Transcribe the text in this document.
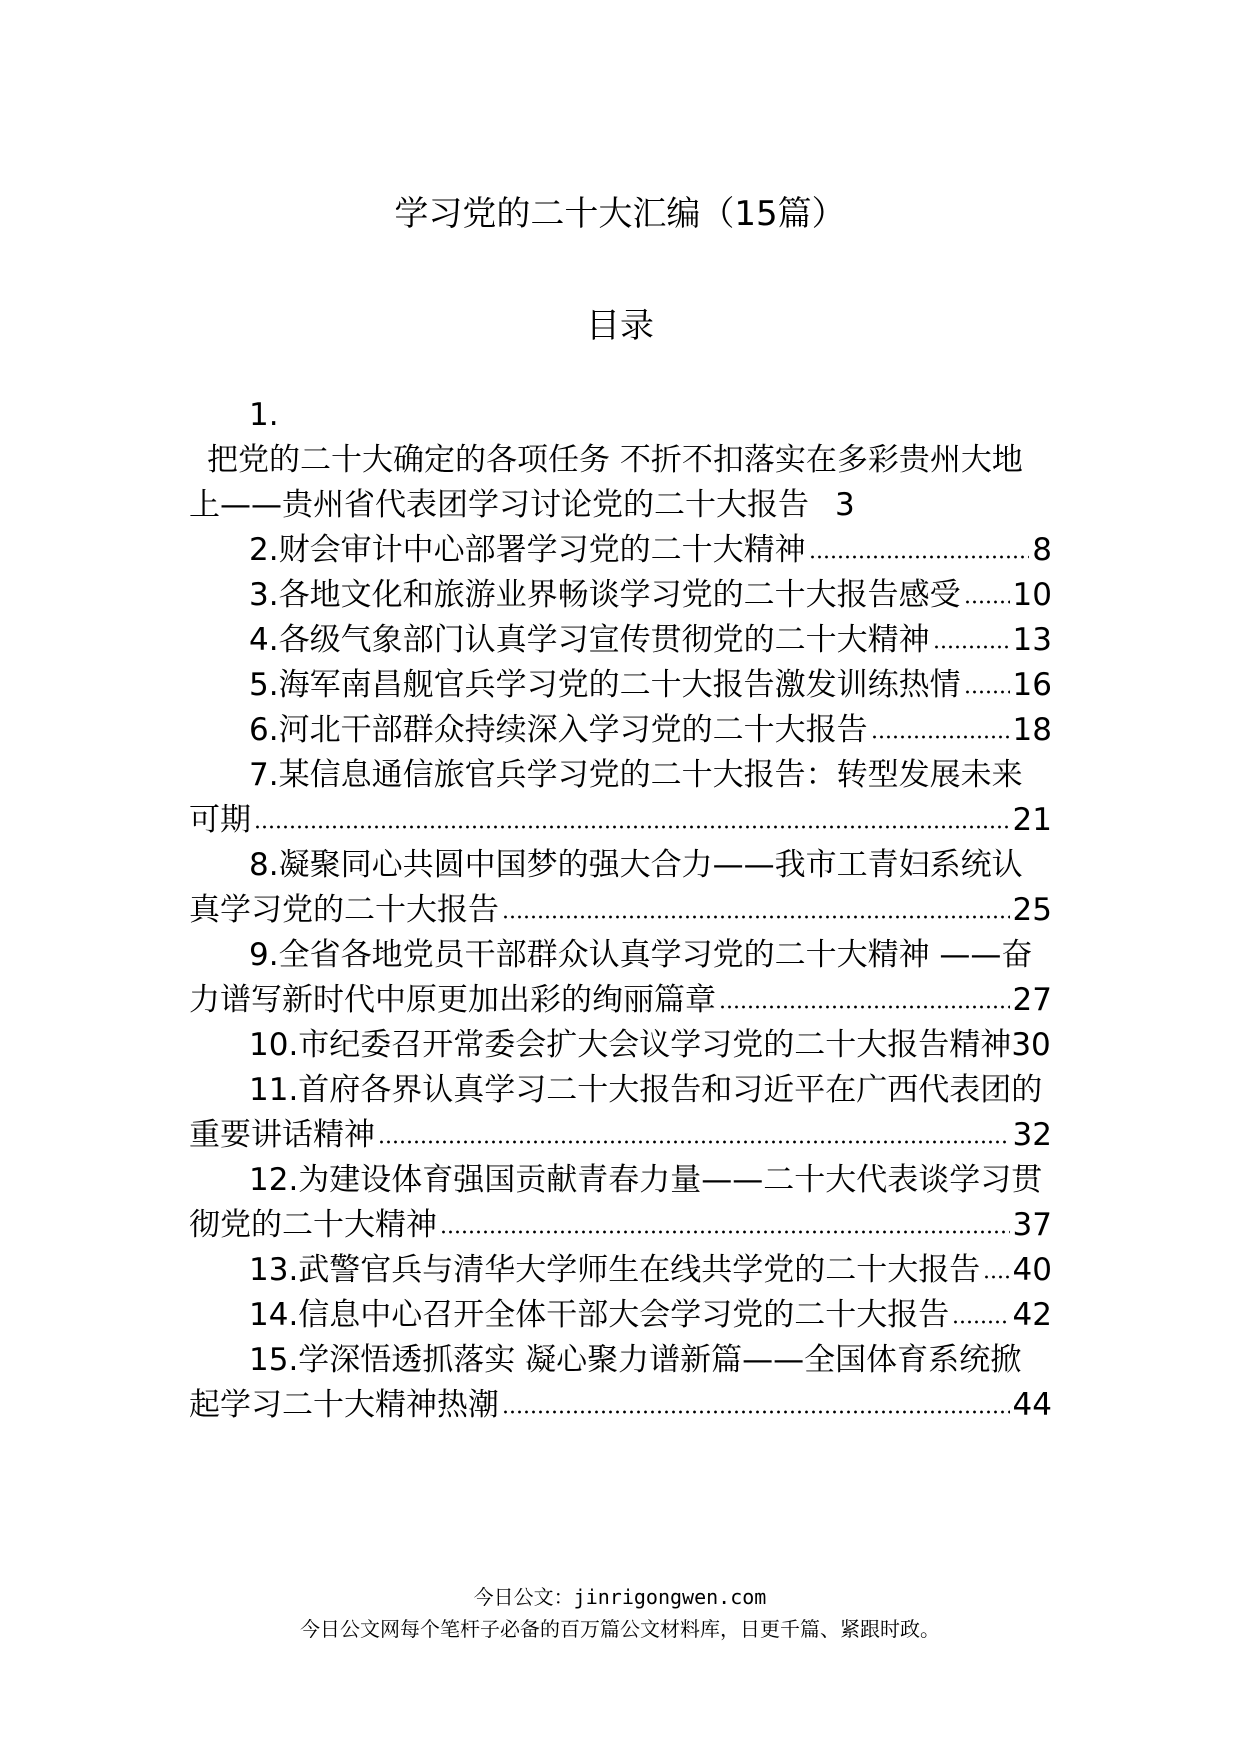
学习党的二十大汇编（15篇）
目录
1.
把党的二十大确定的各项任务 不折不扣落实在多彩贵州大地
上——贵州省代表团学习讨论党的二十大报告 3
2.财会审计中心部署学习党的二十大精神	8
3.各地文化和旅游业界畅谈学习党的二十大报告感受 10
4.各级气象部门认真学习宣传贯彻党的二十大精神	13
5.海军南昌舰官兵学习党的二十大报告激发训练热情 16
6.河北干部群众持续深入学习党的二十大报告	18
7.某信息通信旅官兵学习党的二十大报告：转型发展未来
可期	21
8.凝聚同心共圆中国梦的强大合力——我市工青妇系统认
真学习党的二十大报告	25
9.全省各地党员干部群众认真学习党的二十大精神 ——奋
力谱写新时代中原更加出彩的绚丽篇章	27
10.市纪委召开常委会扩大会议学习党的二十大报告精神 30
11.首府各界认真学习二十大报告和习近平在广西代表团的
重要讲话精神	32
12.为建设体育强国贡献青春力量——二十大代表谈学习贯
彻党的二十大精神	37
13.武警官兵与清华大学师生在线共学党的二十大报告 40
14.信息中心召开全体干部大会学习党的二十大报告 42
15.学深悟透抓落实 凝心聚力谱新篇——全国体育系统掀
起学习二十大精神热潮	44
今日公文：jinrigongwen.com
今日公文网每个笔杆子必备的百万篇公文材料库，日更千篇、紧跟时政。
